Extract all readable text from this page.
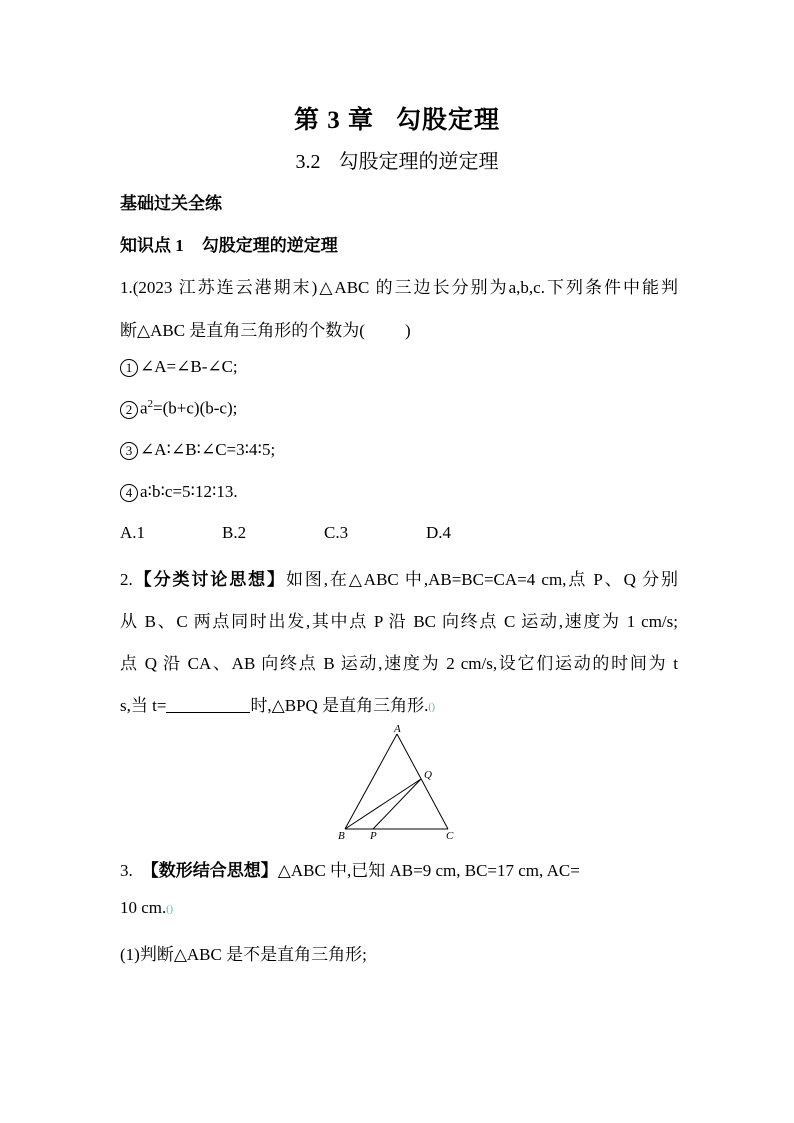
第 3 章 勾股定理
3.2 勾股定理的逆定理
基础过关全练
知识点 1 勾股定理的逆定理
1.(2023 江苏连云港期末)△ABC 的三边长分别为a,b,c.下列条件中能判
断△ABC 是直角三角形的个数为( )
1 ∠A=∠B-∠C;
2 $a^2=(b+c)(b-c)$;
3 ∠A∶∠B∶∠C=3∶4∶5;
4 a∶b∶c=5∶12∶13.
A.1	B.2	C.3	D.4
2.【分类讨论思想】如图,在△ABC 中,AB=BC=CA=4 cm,点 P、Q 分别
从 B、C 两点同时出发,其中点 P 沿 BC 向终点 C 运动,速度为 1 cm/s;
点 Q 沿 CA、AB 向终点 B 运动,速度为 2 cm/s,设它们运动的时间为 t
s,当 t=	时,△BPQ 是直角三角形.()
A
B	C
P
Q
3. 【数形结合思想】△ABC 中,已知 AB=9 cm, BC=17 cm, AC=
10 cm.()
(1)判断△ABC 是不是直角三角形;
